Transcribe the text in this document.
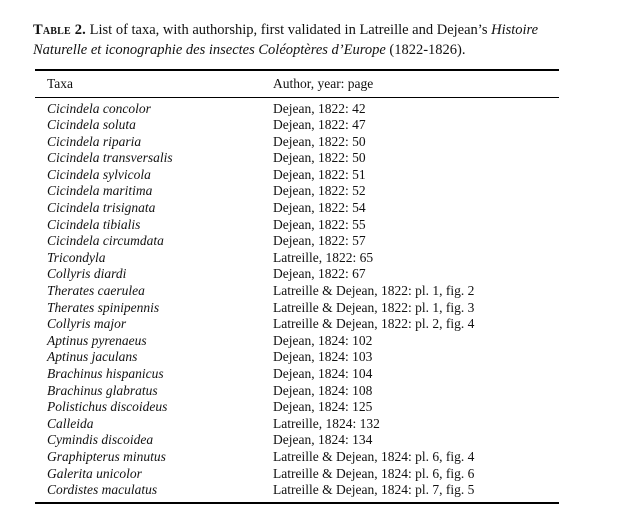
Table 2. List of taxa, with authorship, first validated in Latreille and Dejean’s Histoire Naturelle et iconographie des insectes Coléoptères d’Europe (1822-1826).

Taxa	Author, year: page
Cicindela concolor	Dejean, 1822: 42
Cicindela soluta	Dejean, 1822: 47
Cicindela riparia	Dejean, 1822: 50
Cicindela transversalis	Dejean, 1822: 50
Cicindela sylvicola	Dejean, 1822: 51
Cicindela maritima	Dejean, 1822: 52
Cicindela trisignata	Dejean, 1822: 54
Cicindela tibialis	Dejean, 1822: 55
Cicindela circumdata	Dejean, 1822: 57
Tricondyla	Latreille, 1822: 65
Collyris diardi	Dejean, 1822: 67
Therates caerulea	Latreille & Dejean, 1822: pl. 1, fig. 2
Therates spinipennis	Latreille & Dejean, 1822: pl. 1, fig. 3
Collyris major	Latreille & Dejean, 1822: pl. 2, fig. 4
Aptinus pyrenaeus	Dejean, 1824: 102
Aptinus jaculans	Dejean, 1824: 103
Brachinus hispanicus	Dejean, 1824: 104
Brachinus glabratus	Dejean, 1824: 108
Polistichus discoideus	Dejean, 1824: 125
Calleida	Latreille, 1824: 132
Cymindis discoidea	Dejean, 1824: 134
Graphipterus minutus	Latreille & Dejean, 1824: pl. 6, fig. 4
Galerita unicolor	Latreille & Dejean, 1824: pl. 6, fig. 6
Cordistes maculatus	Latreille & Dejean, 1824: pl. 7, fig. 5
